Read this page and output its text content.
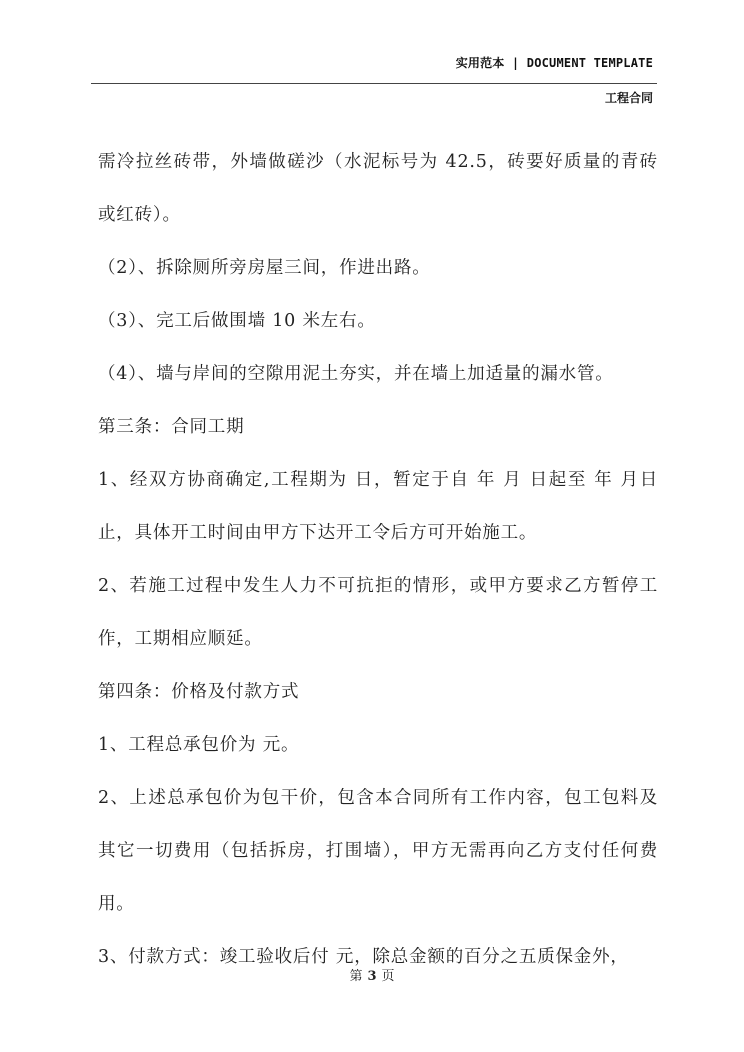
实用范本 | DOCUMENT TEMPLATE
工程合同

需冷拉丝砖带，外墙做磋沙（水泥标号为 42.5，砖要好质量的青砖或红砖）。

（2）、拆除厕所旁房屋三间，作进出路。

（3）、完工后做围墙 10 米左右。

（4）、墙与岸间的空隙用泥土夯实，并在墙上加适量的漏水管。

第三条：合同工期

1、经双方协商确定,工程期为 日，暂定于自 年 月 日起至 年 月日止，具体开工时间由甲方下达开工令后方可开始施工。

2、若施工过程中发生人力不可抗拒的情形，或甲方要求乙方暂停工作，工期相应顺延。

第四条：价格及付款方式

1、工程总承包价为 元。

2、上述总承包价为包干价，包含本合同所有工作内容，包工包料及其它一切费用（包括拆房，打围墙），甲方无需再向乙方支付任何费用。

3、付款方式：竣工验收后付 元，除总金额的百分之五质保金外，

第 3 页
